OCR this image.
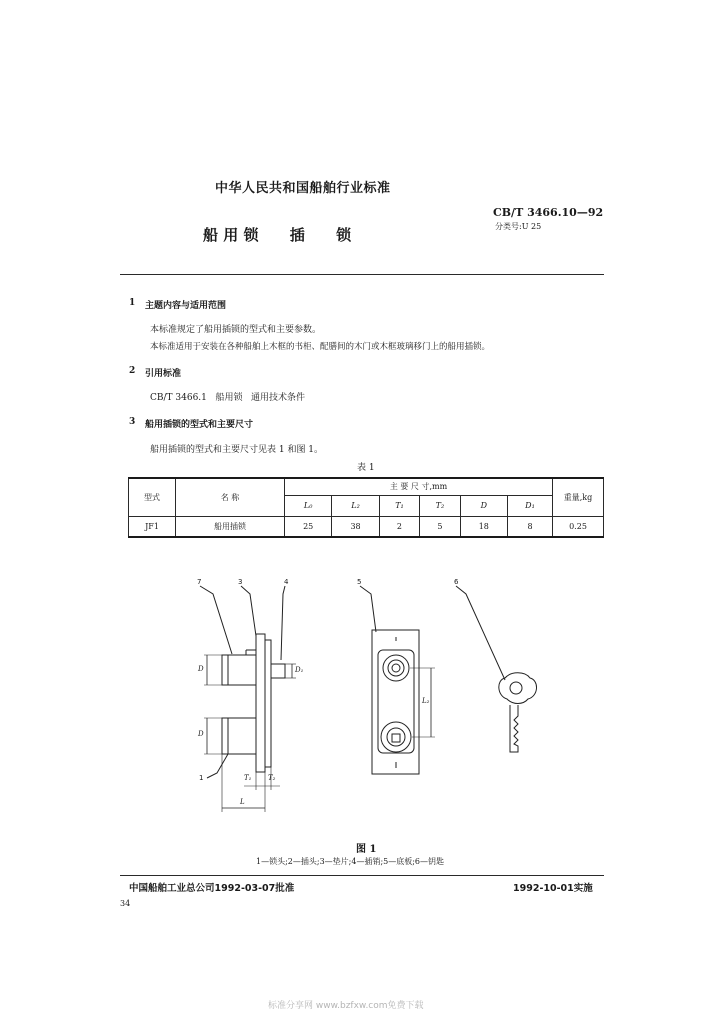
中华人民共和国船舶行业标准
船 用 锁      插      锁
CB/T 3466.10—92
分类号:U 25
1 主题内容与适用范围
本标准规定了船用插锁的型式和主要参数。
本标准适用于安装在各种船舶上木框的书柜、配膳间的木门或木框玻璃移门上的船用插锁。
2 引用标准
CB/T 3466.1   船用锁   通用技术条件
3 船用插锁的型式和主要尺寸
船用插锁的型式和主要尺寸见表 1 和图 1。
表 1
型式	名 称	主 要 尺 寸,mm						重量,kg
		L₀	L₂	T₁	T₂	D	D₁	
JF1	船用插锁	25	38	2	5	18	8	0.25
7	3	4	5	6
1
D	D₁
D
T₁ T₂
L
L₂
图 1
1—锁头;2—插头;3—垫片;4—插销;5—底板;6—钥匙
中国船舶工业总公司1992-03-07批准	1992-10-01实施
34
标准分享网 www.bzfxw.com免费下载
